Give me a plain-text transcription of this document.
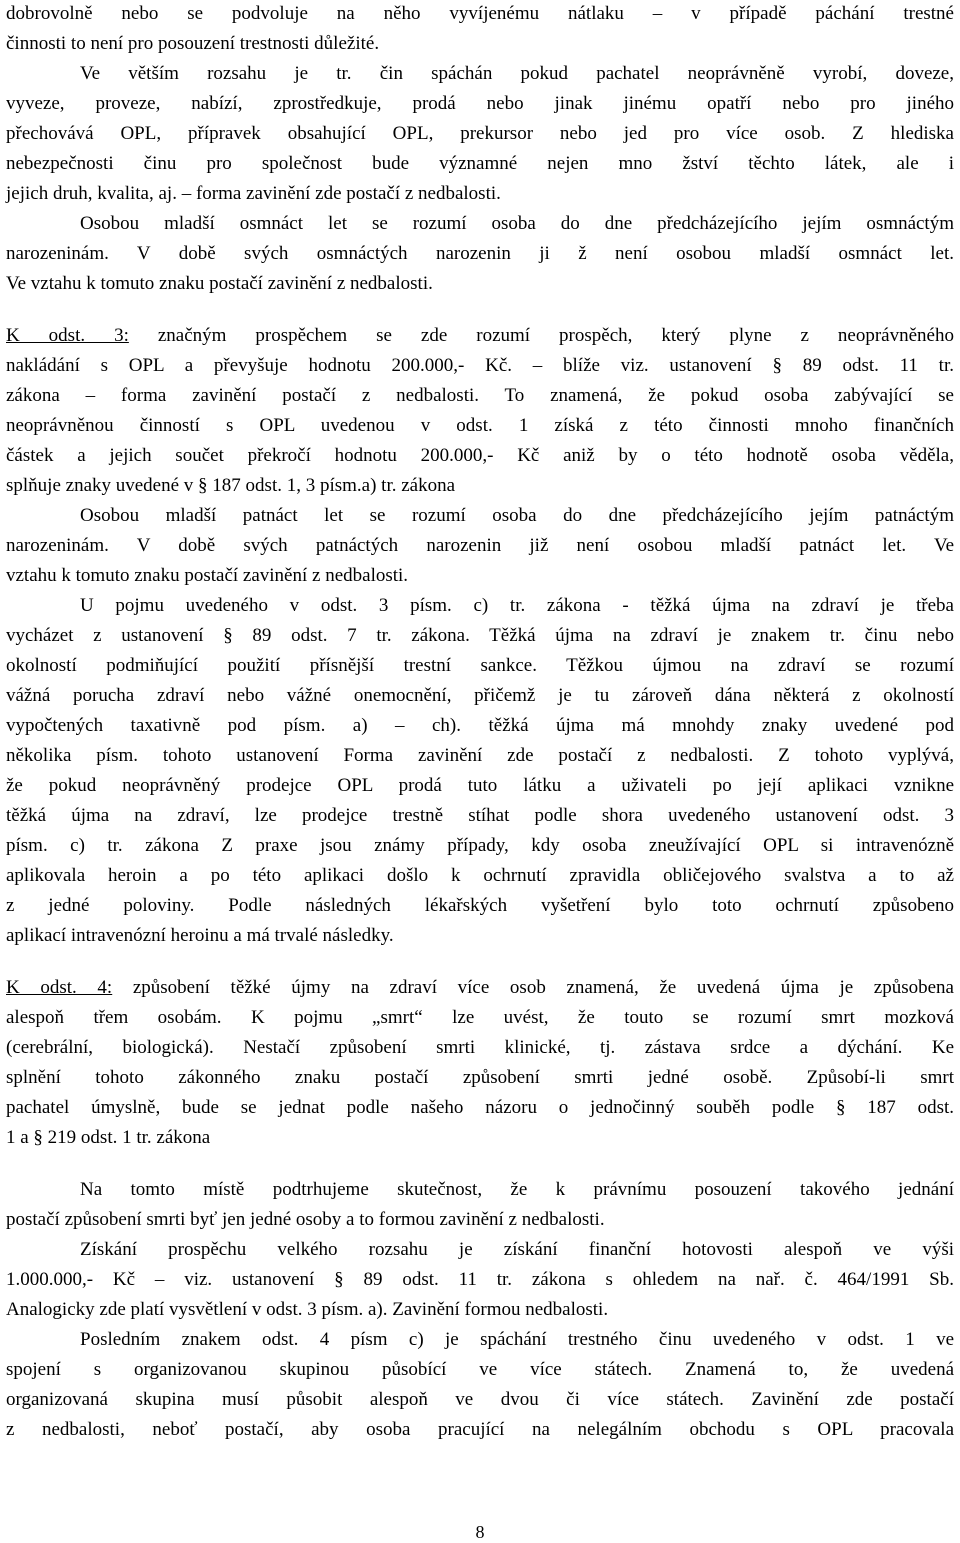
dobrovolně nebo se podvoluje na něho vyvíjenému nátlaku – v případě páchání trestné
činnosti to není pro posouzení trestnosti důležité.
Ve větším rozsahu je tr. čin spáchán pokud pachatel neoprávněně vyrobí, doveze,
vyveze, proveze, nabízí, zprostředkuje, prodá nebo jinak jinému opatří nebo pro jiného
přechovává OPL, přípravek obsahující OPL, prekursor nebo jed pro více osob. Z hlediska
nebezpečnosti činu pro společnost bude významné nejen mno žství těchto látek, ale i
jejich druh, kvalita, aj. – forma zavinění zde postačí z nedbalosti.
Osobou mladší osmnáct let se rozumí osoba do dne předcházejícího jejím osmnáctým
narozeninám. V době svých osmnáctých narozenin ji ž není osobou mladší osmnáct let.
Ve vztahu k tomuto znaku postačí zavinění z nedbalosti.
K odst. 3: značným prospěchem se zde rozumí prospěch, který plyne z neoprávněného
nakládání s OPL a převyšuje hodnotu 200.000,- Kč. – blíže viz. ustanovení § 89 odst. 11 tr.
zákona – forma zavinění postačí z nedbalosti. To znamená, že pokud osoba zabývající se
neoprávněnou činností s OPL uvedenou v odst. 1 získá z této činnosti mnoho finančních
částek a jejich součet překročí hodnotu 200.000,- Kč aniž by o této hodnotě osoba věděla,
splňuje znaky uvedené v § 187 odst. 1, 3 písm.a) tr. zákona
Osobou mladší patnáct let se rozumí osoba do dne předcházejícího jejím patnáctým
narozeninám. V době svých patnáctých narozenin již není osobou mladší patnáct let. Ve
vztahu k tomuto znaku postačí zavinění z nedbalosti.
U pojmu uvedeného v odst. 3 písm. c) tr. zákona - těžká újma na zdraví je třeba
vycházet z ustanovení § 89 odst. 7 tr. zákona. Těžká újma na zdraví je znakem tr. činu nebo
okolností podmiňující použití přísnější trestní sankce. Těžkou újmou na zdraví se rozumí
vážná porucha zdraví nebo vážné onemocnění, přičemž je tu zároveň dána některá z okolností
vypočtených taxativně pod písm. a) – ch). těžká újma má mnohdy znaky uvedené pod
několika písm. tohoto ustanovení Forma zavinění zde postačí z nedbalosti. Z tohoto vyplývá,
že pokud neoprávněný prodejce OPL prodá tuto látku a uživateli po její aplikaci vznikne
těžká újma na zdraví, lze prodejce trestně stíhat podle shora uvedeného ustanovení odst. 3
písm. c) tr. zákona Z praxe jsou známy případy, kdy osoba zneužívající OPL si intravenózně
aplikovala heroin a po této aplikaci došlo k ochrnutí zpravidla obličejového svalstva a to až
z jedné poloviny. Podle následných lékařských vyšetření bylo toto ochrnutí způsobeno
aplikací intravenózní heroinu a má trvalé následky.
K odst. 4: způsobení těžké újmy na zdraví více osob znamená, že uvedená újma je způsobena
alespoň třem osobám. K pojmu „smrt“ lze uvést, že touto se rozumí smrt mozková
(cerebrální, biologická). Nestačí způsobení smrti klinické, tj. zástava srdce a dýchání. Ke
splnění tohoto zákonného znaku postačí způsobení smrti jedné osobě. Způsobí-li smrt
pachatel úmyslně, bude se jednat podle našeho názoru o jednočinný souběh podle § 187 odst.
1 a § 219 odst. 1 tr. zákona
Na tomto místě podtrhujeme skutečnost, že k právnímu posouzení takového jednání
postačí způsobení smrti byť jen jedné osoby a to formou zavinění z nedbalosti.
Získání prospěchu velkého rozsahu je získání finanční hotovosti alespoň ve výši
1.000.000,- Kč – viz. ustanovení § 89 odst. 11 tr. zákona s ohledem na nař. č. 464/1991 Sb.
Analogicky zde platí vysvětlení v odst. 3 písm. a). Zavinění formou nedbalosti.
Posledním znakem odst. 4 písm c) je spáchání trestného činu uvedeného v odst. 1 ve
spojení s organizovanou skupinou působící ve více státech. Znamená to, že uvedená
organizovaná skupina musí působit alespoň ve dvou či více státech. Zavinění zde postačí
z nedbalosti, neboť postačí, aby osoba pracující na nelegálním obchodu s OPL pracovala
8
